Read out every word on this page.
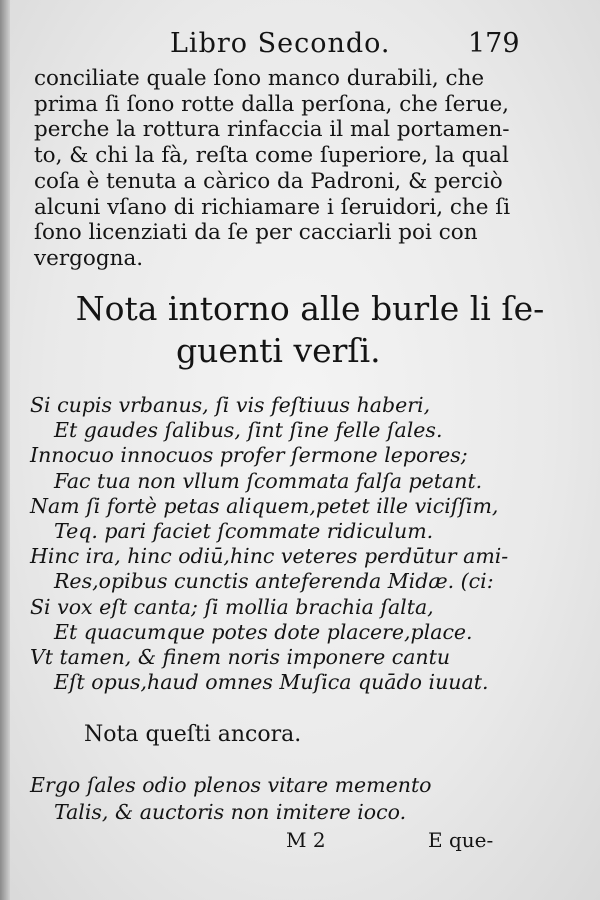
Libro Secondo.	179
conciliate quale ſono manco durabili, che
prima ſi ſono rotte dalla perſona, che ſerue,
perche la rottura rinfaccia il mal portamen-
to, & chi la fà, reſta come ſuperiore, la qual
coſa è tenuta a càrico da Padroni, & perciò
alcuni vſano di richiamare i ſeruidori, che ſi
ſono licenziati da ſe per cacciarli poi con
vergogna.
Nota intorno alle burle li ſe-
guenti verſi.
Si cupis vrbanus, ſi vis feſtiuus haberi,
Et gaudes ſalibus, ſint ſine felle ſales.
Innocuo innocuos profer ſermone lepores;
Fac tua non vllum ſcommata falſa petant.
Nam ſi fortè petas aliquem,petet ille viciſſim,
Teq. pari faciet ſcommate ridiculum.
Hinc ira, hinc odiū,hinc veteres perdūtur ami-
Res,opibus cunctis anteferenda Midæ. (ci:
Si vox eſt canta; ſi mollia brachia ſalta,
Et quacumque potes dote placere,place.
Vt tamen, & finem noris imponere cantu
Eſt opus,haud omnes Muſica quādo iuuat.
Nota queſti ancora.
Ergo ſales odio plenos vitare memento
Talis, & auctoris non imitere ioco.
M 2	E que-
